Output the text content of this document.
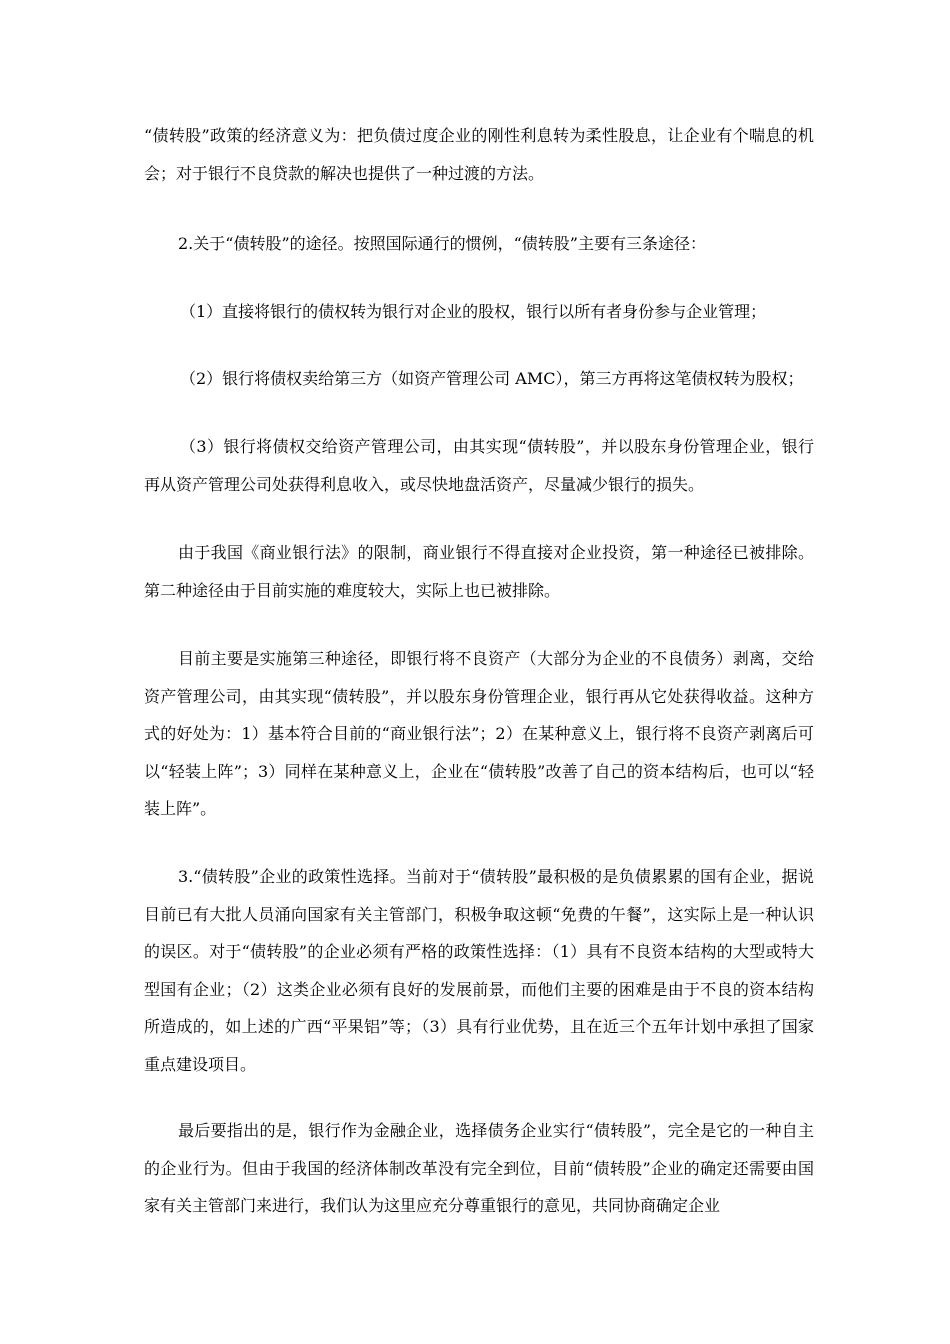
“债转股”政策的经济意义为：把负债过度企业的刚性利息转为柔性股息，让企业有个喘息的机会；对于银行不良贷款的解决也提供了一种过渡的方法。

2.关于“债转股”的途径。按照国际通行的惯例，“债转股”主要有三条途径：

（1）直接将银行的债权转为银行对企业的股权，银行以所有者身份参与企业管理；

（2）银行将债权卖给第三方（如资产管理公司 AMC），第三方再将这笔债权转为股权；

（3）银行将债权交给资产管理公司，由其实现“债转股”，并以股东身份管理企业，银行再从资产管理公司处获得利息收入，或尽快地盘活资产，尽量减少银行的损失。

由于我国《商业银行法》的限制，商业银行不得直接对企业投资，第一种途径已被排除。第二种途径由于目前实施的难度较大，实际上也已被排除。

目前主要是实施第三种途径，即银行将不良资产（大部分为企业的不良债务）剥离，交给资产管理公司，由其实现“债转股”，并以股东身份管理企业，银行再从它处获得收益。这种方式的好处为：1）基本符合目前的“商业银行法”；2）在某种意义上，银行将不良资产剥离后可以“轻装上阵”；3）同样在某种意义上，企业在“债转股”改善了自己的资本结构后，也可以“轻装上阵”。

3.“债转股”企业的政策性选择。当前对于“债转股”最积极的是负债累累的国有企业，据说目前已有大批人员涌向国家有关主管部门，积极争取这顿“免费的午餐”，这实际上是一种认识的误区。对于“债转股”的企业必须有严格的政策性选择：（1）具有不良资本结构的大型或特大型国有企业；（2）这类企业必须有良好的发展前景，而他们主要的困难是由于不良的资本结构所造成的，如上述的广西“平果铝”等；（3）具有行业优势，且在近三个五年计划中承担了国家重点建设项目。

最后要指出的是，银行作为金融企业，选择债务企业实行“债转股”，完全是它的一种自主的企业行为。但由于我国的经济体制改革没有完全到位，目前“债转股”企业的确定还需要由国家有关主管部门来进行，我们认为这里应充分尊重银行的意见，共同协商确定企业
